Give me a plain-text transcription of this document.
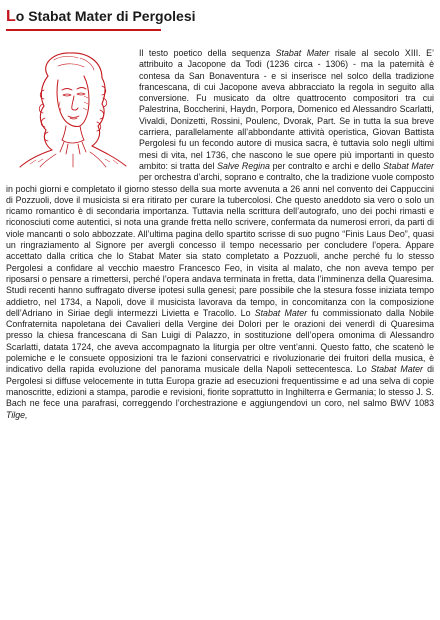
Lo Stabat Mater di Pergolesi

Il testo poetico della sequenza Stabat Mater risale al secolo XIII. E’ attribuito a Jacopone da Todi (1236 circa - 1306) - ma la paternità è contesa da San Bonaventura - e si inserisce nel solco della tradizione francescana, di cui Jacopone aveva abbracciato la regola in seguito alla conversione. Fu musicato da oltre quattrocento compositori tra cui Palestrina, Boccherini, Haydn, Porpora, Domenico ed Alessandro Scarlatti, Vivaldi, Donizetti, Rossini, Poulenc, Dvorak, Part. Se in tutta la sua breve carriera, parallelamente all’abbondante attività operistica, Giovan Battista Pergolesi fu un fecondo autore di musica sacra, è tuttavia solo negli ultimi mesi di vita, nel 1736, che nascono le sue opere più importanti in questo ambito: si tratta del Salve Regina per contralto e archi e dello Stabat Mater per orchestra d’archi, soprano e contralto, che la tradizione vuole composto in pochi giorni e completato il giorno stesso della sua morte avvenuta a 26 anni nel convento dei Cappuccini di Pozzuoli, dove il musicista si era ritirato per curare la tubercolosi. Che questo aneddoto sia vero o solo un ricamo romantico è di secondaria importanza. Tuttavia nella scrittura dell’autografo, uno dei pochi rimasti e riconosciuti come autentici, si nota una grande fretta nello scrivere, confermata da numerosi errori, da parti di viole mancanti o solo abbozzate. All’ultima pagina dello spartito scrisse di suo pugno “Finis Laus Deo”, quasi un ringraziamento al Signore per avergli concesso il tempo necessario per concludere l’opera. Appare accettato dalla critica che lo Stabat Mater sia stato completato a Pozzuoli, anche perché fu lo stesso Pergolesi a confidare al vecchio maestro Francesco Feo, in visita al malato, che non aveva tempo per riposarsi o pensare a rimettersi, perché l’opera andava terminata in fretta, data l’imminenza della Quaresima. Studi recenti hanno suffragato diverse ipotesi sulla genesi; pare possibile che la stesura fosse iniziata tempo addietro, nel 1734, a Napoli, dove il musicista lavorava da tempo, in concomitanza con la composizione dell’Adriano in Siriae degli intermezzi Livietta e Tracollo. Lo Stabat Mater fu commissionato dalla Nobile Confraternita napoletana dei Cavalieri della Vergine dei Dolori per le orazioni dei venerdì di Quaresima presso la chiesa francescana di San Luigi di Palazzo, in sostituzione dell’opera omonima di Alessandro Scarlatti, datata 1724, che aveva accompagnato la liturgia per oltre vent’anni. Questo fatto, che scatenò le polemiche e le consuete opposizioni tra le fazioni conservatrici e rivoluzionarie dei fruitori della musica, è indicativo della rapida evoluzione del panorama musicale della Napoli settecentesca. Lo Stabat Mater di Pergolesi si diffuse velocemente in tutta Europa grazie ad esecuzioni frequentissime e ad una selva di copie manoscritte, edizioni a stampa, parodie e revisioni, fiorite soprattutto in Inghilterra e Germania; lo stesso J. S. Bach ne fece una parafrasi, correggendo l’orchestrazione e aggiungendovi un coro, nel salmo BWV 1083 Tilge,
